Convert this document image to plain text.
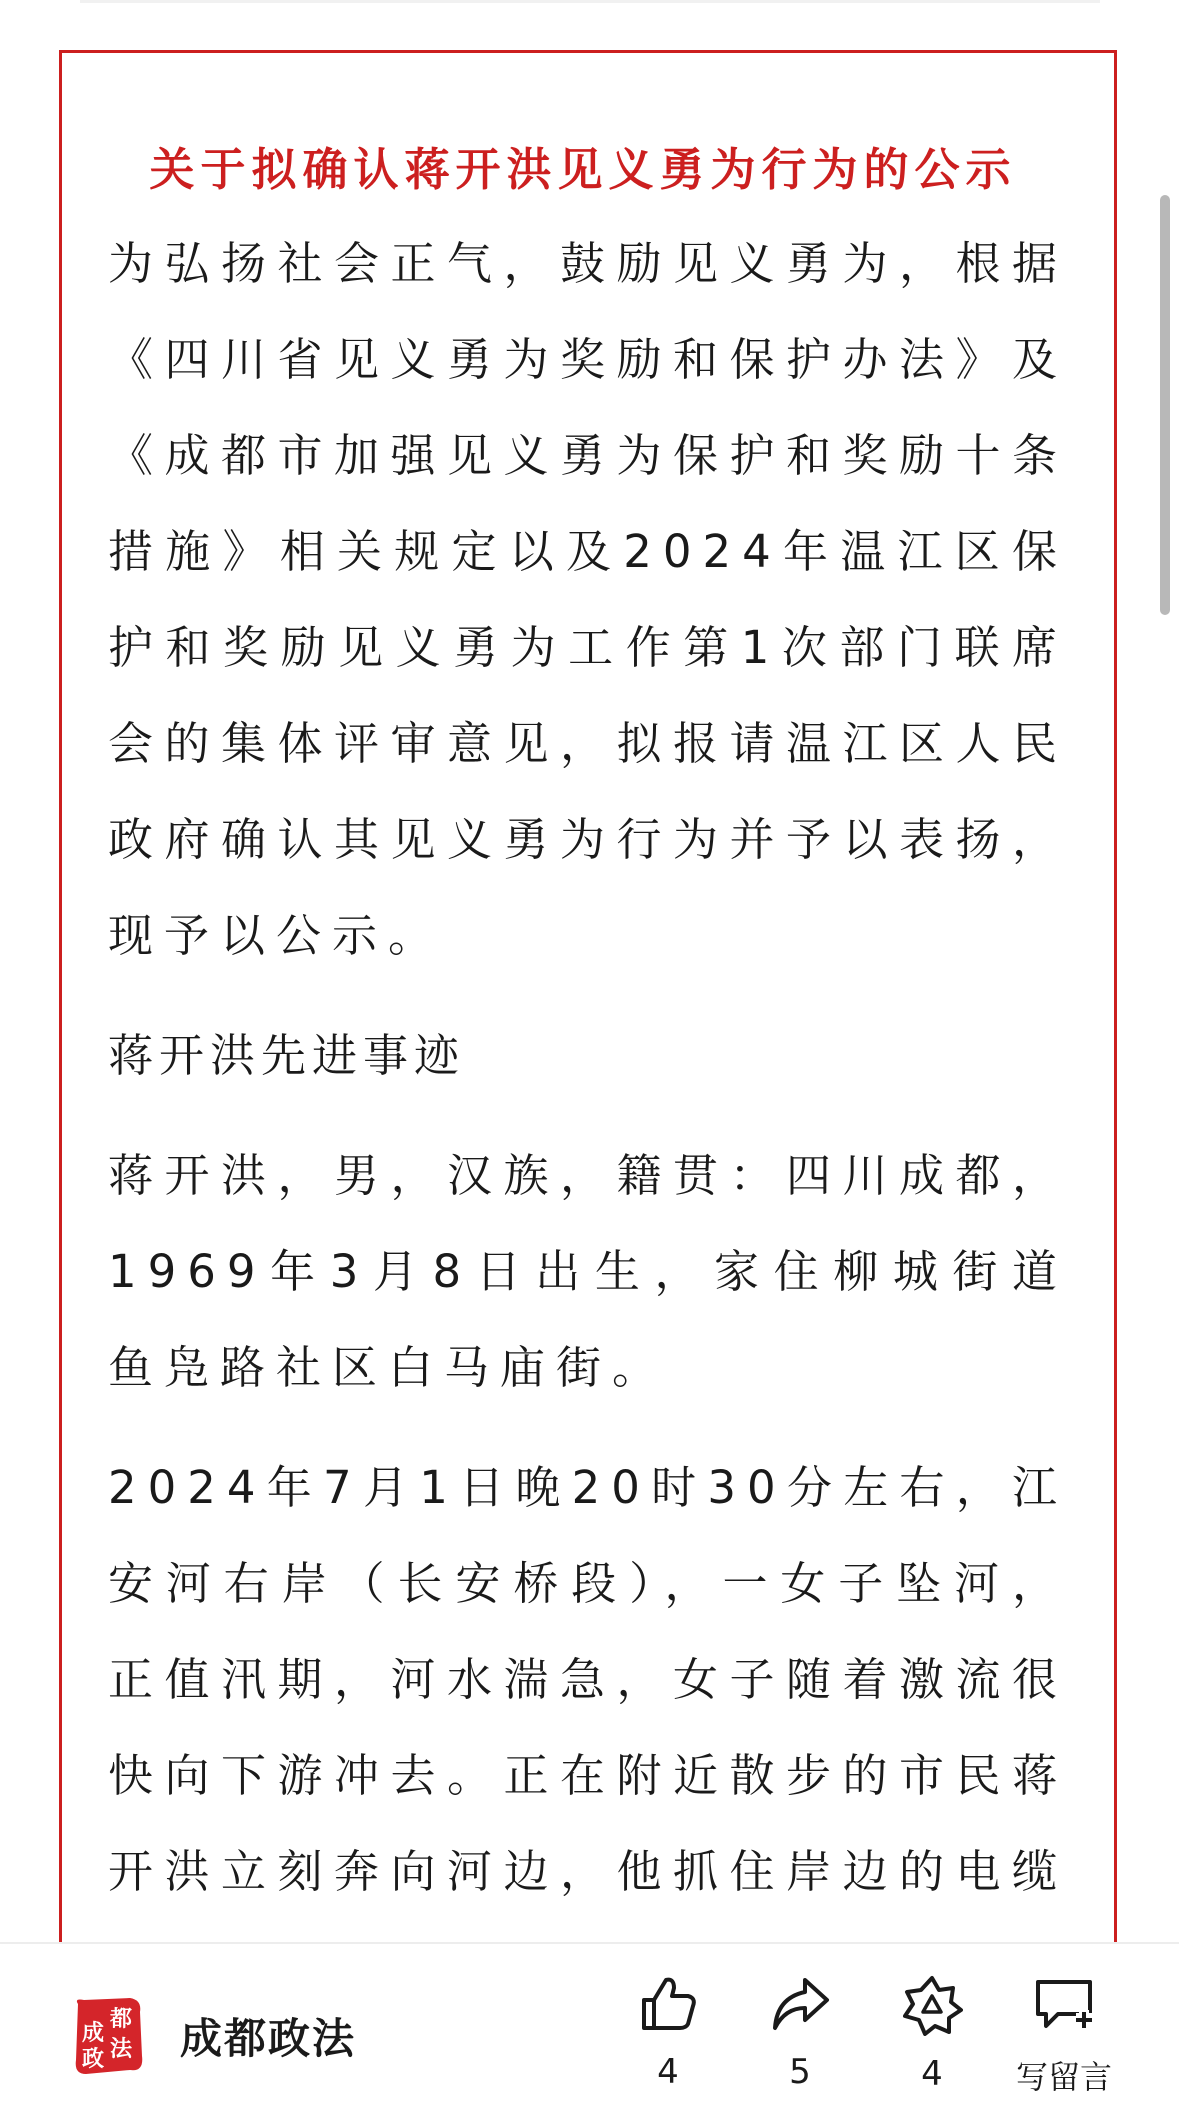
关于拟确认蒋开洪见义勇为行为的公示

为弘扬社会正气，鼓励见义勇为，根据《四川省见义勇为奖励和保护办法》及《成都市加强见义勇为保护和奖励十条措施》相关规定以及2024年温江区保护和奖励见义勇为工作第1次部门联席会的集体评审意见，拟报请温江区人民政府确认其见义勇为行为并予以表扬，现予以公示。

蒋开洪先进事迹

蒋开洪，男，汉族，籍贯：四川成都，1969年3月8日出生，家住柳城街道鱼凫路社区白马庙街。

2024年7月1日晚20时30分左右，江安河右岸（长安桥段），一女子坠河，正值汛期，河水湍急，女子随着激流很快向下游冲去。正在附近散步的市民蒋开洪立刻奔向河边，他抓住岸边的电缆

都
成
法
政 成都政法
4	5	4	写留言
